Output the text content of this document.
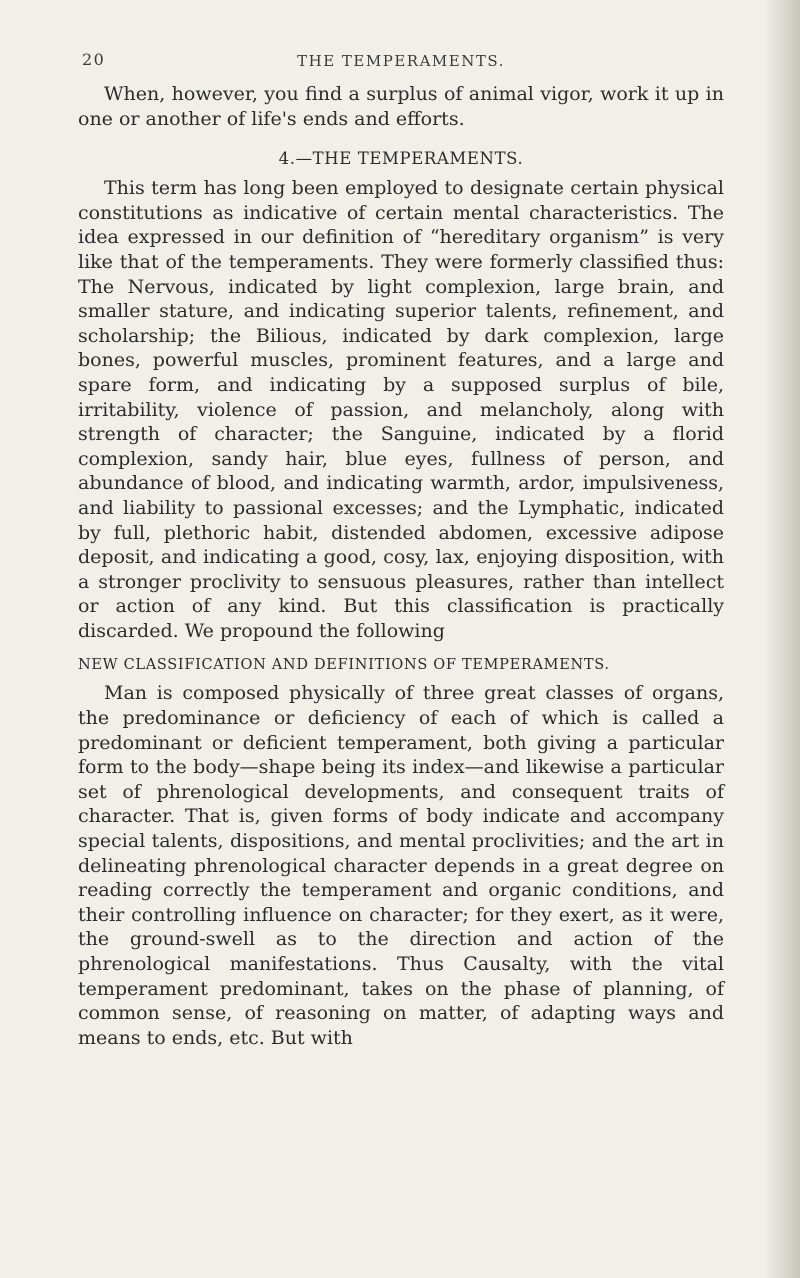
20	THE TEMPERAMENTS.

When, however, you find a surplus of animal vigor, work it up in one or another of life's ends and efforts.

4.—THE TEMPERAMENTS.

This term has long been employed to designate certain physical constitutions as indicative of certain mental characteristics. The idea expressed in our definition of “hereditary organism” is very like that of the temperaments. They were formerly classified thus: The Nervous, indicated by light complexion, large brain, and smaller stature, and indicating superior talents, refinement, and scholarship; the Bilious, indicated by dark complexion, large bones, powerful muscles, prominent features, and a large and spare form, and indicating by a supposed surplus of bile, irritability, violence of passion, and melancholy, along with strength of character; the Sanguine, indicated by a florid complexion, sandy hair, blue eyes, fullness of person, and abundance of blood, and indicating warmth, ardor, impulsiveness, and liability to passional excesses; and the Lymphatic, indicated by full, plethoric habit, distended abdomen, excessive adipose deposit, and indicating a good, cosy, lax, enjoying disposition, with a stronger proclivity to sensuous pleasures, rather than intellect or action of any kind. But this classification is practically discarded. We propound the following

NEW CLASSIFICATION AND DEFINITIONS OF TEMPERAMENTS.

Man is composed physically of three great classes of organs, the predominance or deficiency of each of which is called a predominant or deficient temperament, both giving a particular form to the body—shape being its index—and likewise a particular set of phrenological developments, and consequent traits of character. That is, given forms of body indicate and accompany special talents, dispositions, and mental proclivities; and the art in delineating phrenological character depends in a great degree on reading correctly the temperament and organic conditions, and their controlling influence on character; for they exert, as it were, the ground-swell as to the direction and action of the phrenological manifestations. Thus Causalty, with the vital temperament predominant, takes on the phase of planning, of common sense, of reasoning on matter, of adapting ways and means to ends, etc. But with
